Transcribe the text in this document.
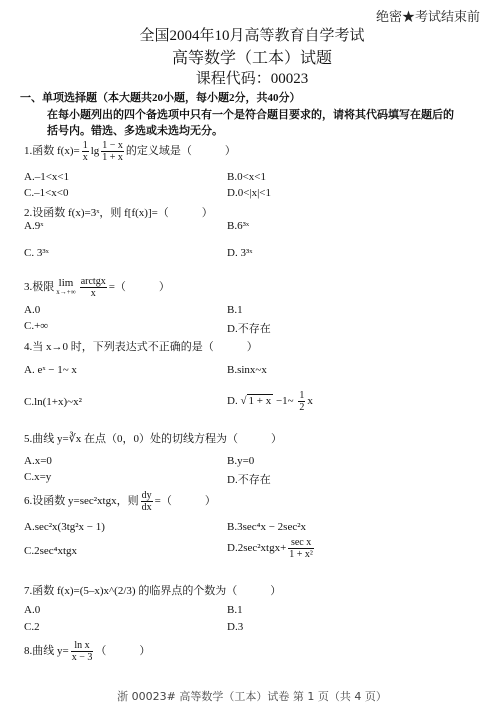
绝密★考试结束前
全国2004年10月高等教育自学考试
高等数学（工本）试题
课程代码：00023
一、单项选择题（本大题共20小题，每小题2分，共40分）
在每小题列出的四个备选项中只有一个是符合题目要求的，请将其代码填写在题后的
括号内。错选、多选或未选均无分。
1.函数 $f(x)= \frac{1}{x}$ $\lg \frac{1 - x}{1 + x}$ 的定义域是（　　　）
A.–1<x<1	B.0<x<1
C.–1<x<0	D.0<|x|<1
2.设函数 f(x)=3ˣ，则 f[f(x)]=（　　　）
A.9ˣ	B.6³ˣ
C. 3³ˣ	D. 3³ˣ
3.极限 lim
$x\to+\infty \frac{\text{arctgx}}{x}$ =（　　　）
A.0	B.1
C.+∞	D.不存在
4.当 x→0 时，下列表达式不正确的是（　　　）
A. eˣ − 1~ x	B.sinx~x
C.ln(1+x)~x²	D. √ 1 + x −1~ $\frac{1}{2}$ x
5.曲线 y=∛x 在点（0，0）处的切线方程为（　　　）
A.x=0	B.y=0
C.x=y	D.不存在
6.设函数 y=sec²xtgx，则 $\frac{dy}{dx}$ =（　　　）
A.sec²x(3tg²x − 1)	B.3sec⁴x − 2sec²x
C.2sec⁴xtgx	D.2sec²xtgx+ $\frac{\text{sec x}}{\text{1 + x²}}$
7.函数 f(x)=(5–x)x^(2/3) 的临界点的个数为（　　　）
A.0	B.1
C.2	D.3
8.曲线 $y= \frac{\text{ln x}}{x - 3}$ （　　　）
浙 00023# 高等数学（工本）试卷 第 1 页（共 4 页）
